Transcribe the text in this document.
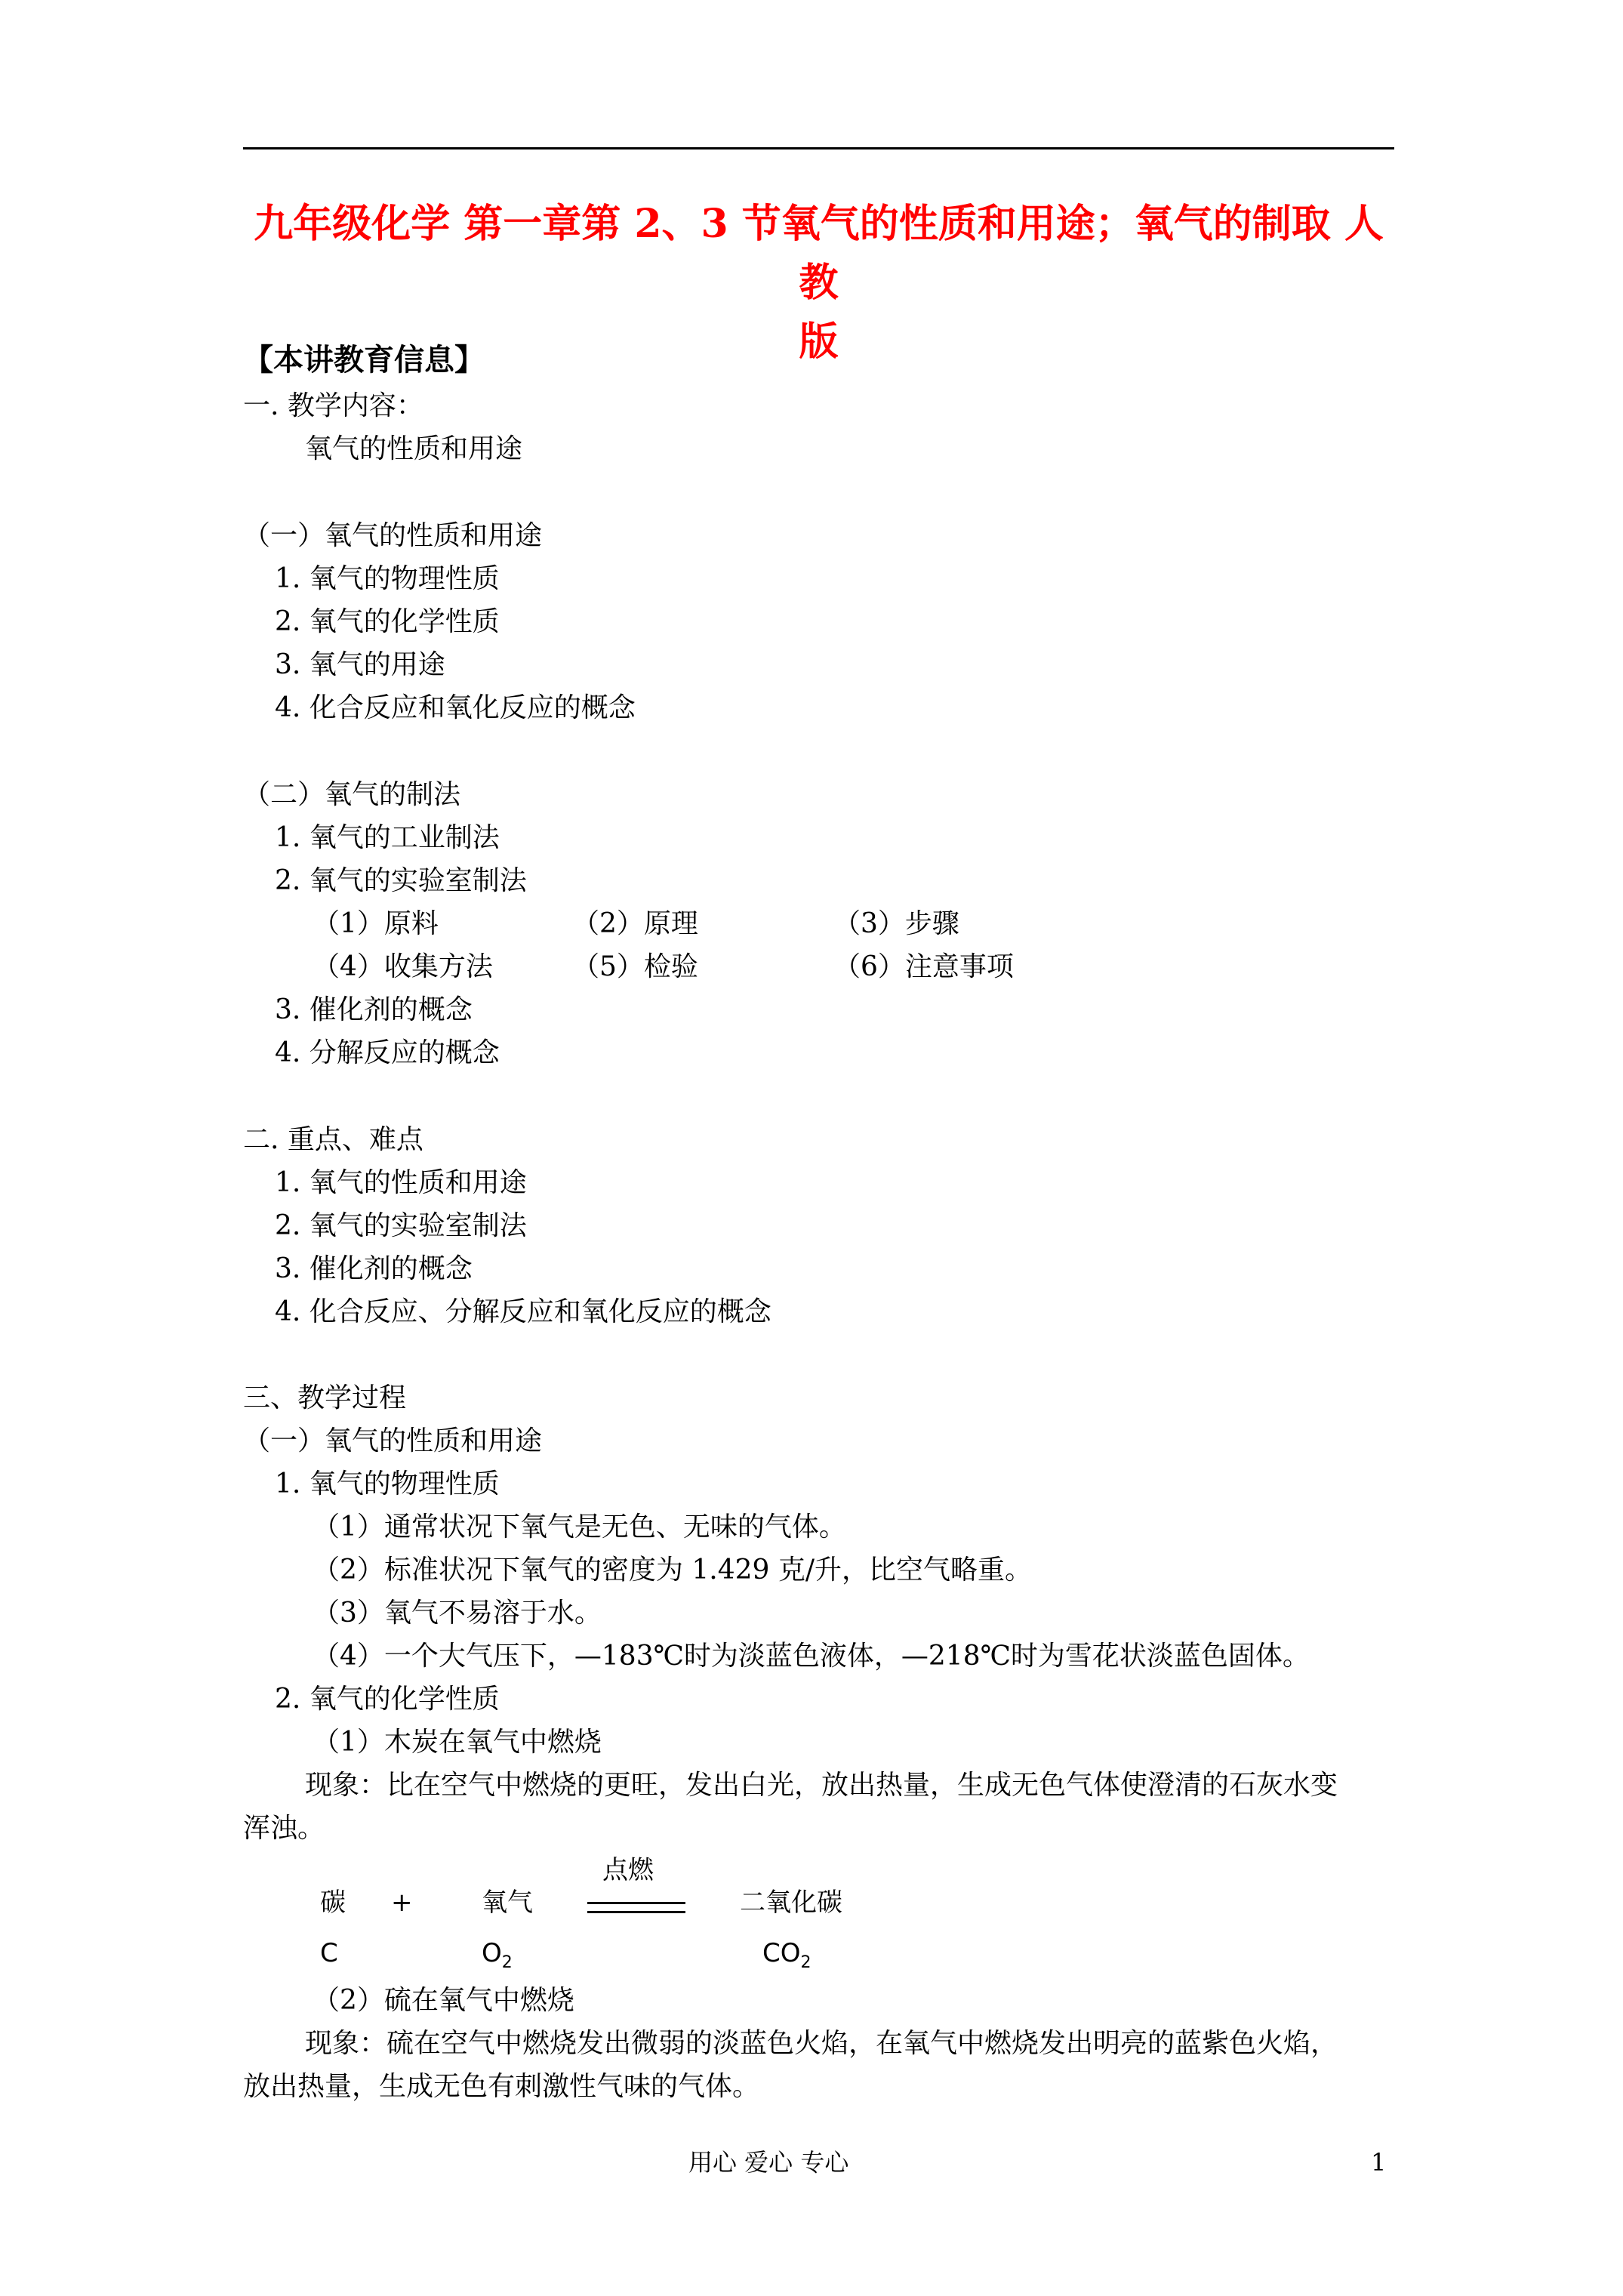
九年级化学 第一章第 2、3 节氧气的性质和用途；氧气的制取 人教
版
【本讲教育信息】
一. 教学内容：
氧气的性质和用途
（一）氧气的性质和用途
1. 氧气的物理性质
2. 氧气的化学性质
3. 氧气的用途
4. 化合反应和氧化反应的概念
（二）氧气的制法
1. 氧气的工业制法
2. 氧气的实验室制法
（1）原料	（2）原理	（3）步骤
（4）收集方法	（5）检验	（6）注意事项
3. 催化剂的概念
4. 分解反应的概念
二. 重点、难点
1. 氧气的性质和用途
2. 氧气的实验室制法
3. 催化剂的概念
4. 化合反应、分解反应和氧化反应的概念
三、教学过程
（一）氧气的性质和用途
1. 氧气的物理性质
（1）通常状况下氧气是无色、无味的气体。
（2）标准状况下氧气的密度为 1.429 克/升，比空气略重。
（3）氧气不易溶于水。
（4）一个大气压下，—183℃时为淡蓝色液体，—218℃时为雪花状淡蓝色固体。
2. 氧气的化学性质
（1）木炭在氧气中燃烧
现象：比在空气中燃烧的更旺，发出白光，放出热量，生成无色气体使澄清的石灰水变
浑浊。
点燃
碳 +	氧气	二氧化碳
C	$O_2$	$CO_2$
（2）硫在氧气中燃烧
现象：硫在空气中燃烧发出微弱的淡蓝色火焰，在氧气中燃烧发出明亮的蓝紫色火焰，
放出热量，生成无色有刺激性气味的气体。
用心 爱心 专心	1
